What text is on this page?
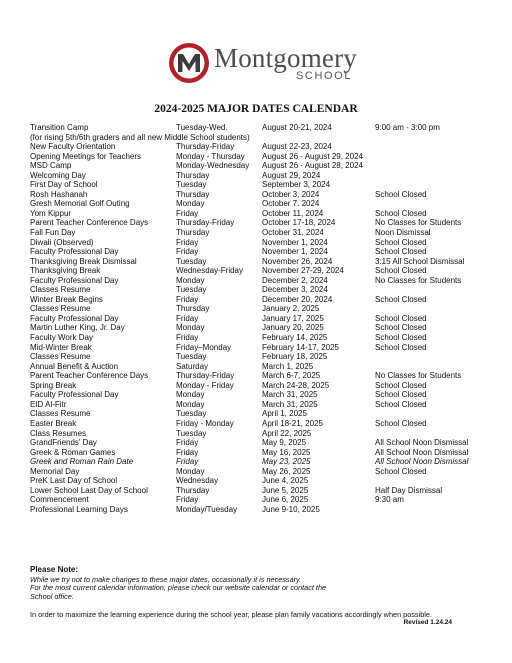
Montgomery
SCHOOL
2024-2025 MAJOR DATES CALENDAR
Transition Camp	Tuesday-Wed.	August 20-21, 2024	9:00 am - 3:00 pm
(for rising 5th/6th graders and all new Middle School students)
New Faculty Orientation	Thursday-Friday	August 22-23, 2024
Opening Meetings for Teachers	Monday - Thursday August 26 - August 29, 2024
MSD Camp	Monday-Wednesday August 26 - August 28, 2024
Welcoming Day	Thursday	August 29, 2024
First Day of School	Tuesday	September 3, 2024
Rosh Hashanah	Thursday	October 3, 2024	School Closed
Gresh Memorial Golf Outing	Monday	October 7. 2024
Yom Kippur	Friday	October 11, 2024	School Closed
Parent Teacher Conference Days	Thursday-Friday	October 17-18, 2024	No Classes for Students
Fall Fun Day	Thursday	October 31, 2024	Noon Dismissal
Diwali (Observed)	Friday	November 1, 2024	School Closed
Faculty Professional Day	Friday	November 1, 2024	School Closed
Thanksgiving Break Dismissal	Tuesday	November 26, 2024	3:15 All School Dismissal
Thanksgiving Break	Wednesday-Friday November 27-29, 2024	School Closed
Faculty Professional Day	Monday	December 2, 2024	No Classes for Students
Classes Resume	Tuesday	December 3, 2024
Winter Break Begins	Friday	December 20, 2024	School Closed
Classes Resume	Thursday	January 2, 2025
Faculty Professional Day	Friday	January 17, 2025	School Closed
Martin Luther King, Jr. Day	Monday	January 20, 2025	School Closed
Faculty Work Day	Friday	February 14, 2025	School Closed
Mid-Winter Break	Friday–Monday	February 14-17, 2025	School Closed
Classes Resume	Tuesday	February 18, 2025
Annual Benefit & Auction	Saturday	March 1, 2025
Parent Teacher Conference Days	Thursday-Friday	March 6-7, 2025	No Classes for Students
Spring Break	Monday - Friday	March 24-28, 2025	School Closed
Faculty Professional Day	Monday	March 31, 2025	School Closed
EID Al-Fitr	Monday	March 31, 2025	School Closed
Classes Resume	Tuesday	April 1, 2025
Easter Break	Friday - Monday	April 18-21, 2025	School Closed
Class Resumes	Tuesday	April 22, 2025
GrandFriends' Day	Friday	May 9, 2025	All School Noon Dismissal
Greek & Roman Games	Friday	May 16, 2025	All School Noon Dismissal
Greek and Roman Rain Date	Friday	May 23, 2025	All School Noon Dismissal
Memorial Day	Monday	May 26, 2025	School Closed
PreK Last Day of School	Wednesday	June 4, 2025
Lower School Last Day of School	Thursday	June 5, 2025	Half Day Dismissal
Commencement	Friday	June 6, 2025	9:30 am
Professional Learning Days	Monday/Tuesday	June 9-10, 2025
Please Note:
While we try not to make changes to these major dates, occasionally it is necessary.
For the most current calendar information, please check our website calendar or contact the
School office.
In order to maximize the learning experience during the school year, please plan family vacations accordingly when possible.
Revised 1.24.24
